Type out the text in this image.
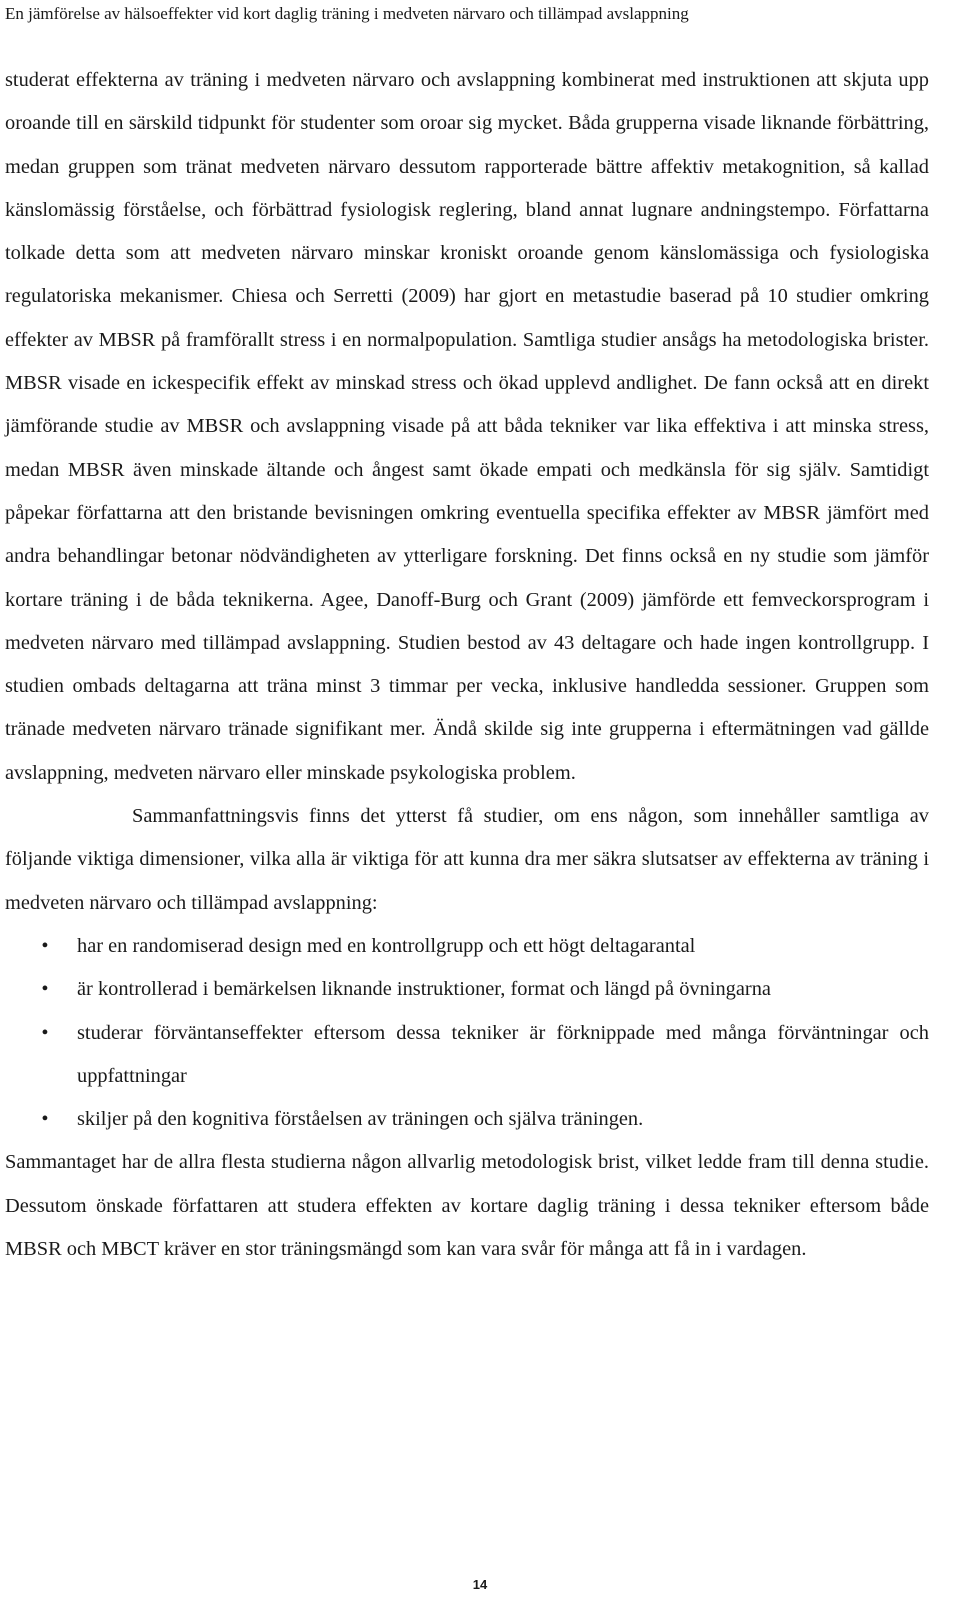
En jämförelse av hälsoeffekter vid kort daglig träning i medveten närvaro och tillämpad avslappning

studerat effekterna av träning i medveten närvaro och avslappning kombinerat med instruktionen att skjuta upp oroande till en särskild tidpunkt för studenter som oroar sig mycket. Båda grupperna visade liknande förbättring, medan gruppen som tränat medveten närvaro dessutom rapporterade bättre affektiv metakognition, så kallad känslomässig förståelse, och förbättrad fysiologisk reglering, bland annat lugnare andningstempo. Författarna tolkade detta som att medveten närvaro minskar kroniskt oroande genom känslomässiga och fysiologiska regulatoriska mekanismer. Chiesa och Serretti (2009) har gjort en metastudie baserad på 10 studier omkring effekter av MBSR på framförallt stress i en normalpopulation. Samtliga studier ansågs ha metodologiska brister. MBSR visade en ickespecifik effekt av minskad stress och ökad upplevd andlighet. De fann också att en direkt jämförande studie av MBSR och avslappning visade på att båda tekniker var lika effektiva i att minska stress, medan MBSR även minskade ältande och ångest samt ökade empati och medkänsla för sig själv. Samtidigt påpekar författarna att den bristande bevisningen omkring eventuella specifika effekter av MBSR jämfört med andra behandlingar betonar nödvändigheten av ytterligare forskning. Det finns också en ny studie som jämför kortare träning i de båda teknikerna. Agee, Danoff-Burg och Grant (2009) jämförde ett femveckorsprogram i medveten närvaro med tillämpad avslappning. Studien bestod av 43 deltagare och hade ingen kontrollgrupp. I studien ombads deltagarna att träna minst 3 timmar per vecka, inklusive handledda sessioner. Gruppen som tränade medveten närvaro tränade signifikant mer. Ändå skilde sig inte grupperna i eftermätningen vad gällde avslappning, medveten närvaro eller minskade psykologiska problem.

Sammanfattningsvis finns det ytterst få studier, om ens någon, som innehåller samtliga av följande viktiga dimensioner, vilka alla är viktiga för att kunna dra mer säkra slutsatser av effekterna av träning i medveten närvaro och tillämpad avslappning:

• har en randomiserad design med en kontrollgrupp och ett högt deltagarantal
• är kontrollerad i bemärkelsen liknande instruktioner, format och längd på övningarna
• studerar förväntanseffekter eftersom dessa tekniker är förknippade med många förväntningar och uppfattningar
• skiljer på den kognitiva förståelsen av träningen och själva träningen.

Sammantaget har de allra flesta studierna någon allvarlig metodologisk brist, vilket ledde fram till denna studie. Dessutom önskade författaren att studera effekten av kortare daglig träning i dessa tekniker eftersom både MBSR och MBCT kräver en stor träningsmängd som kan vara svår för många att få in i vardagen.

14
